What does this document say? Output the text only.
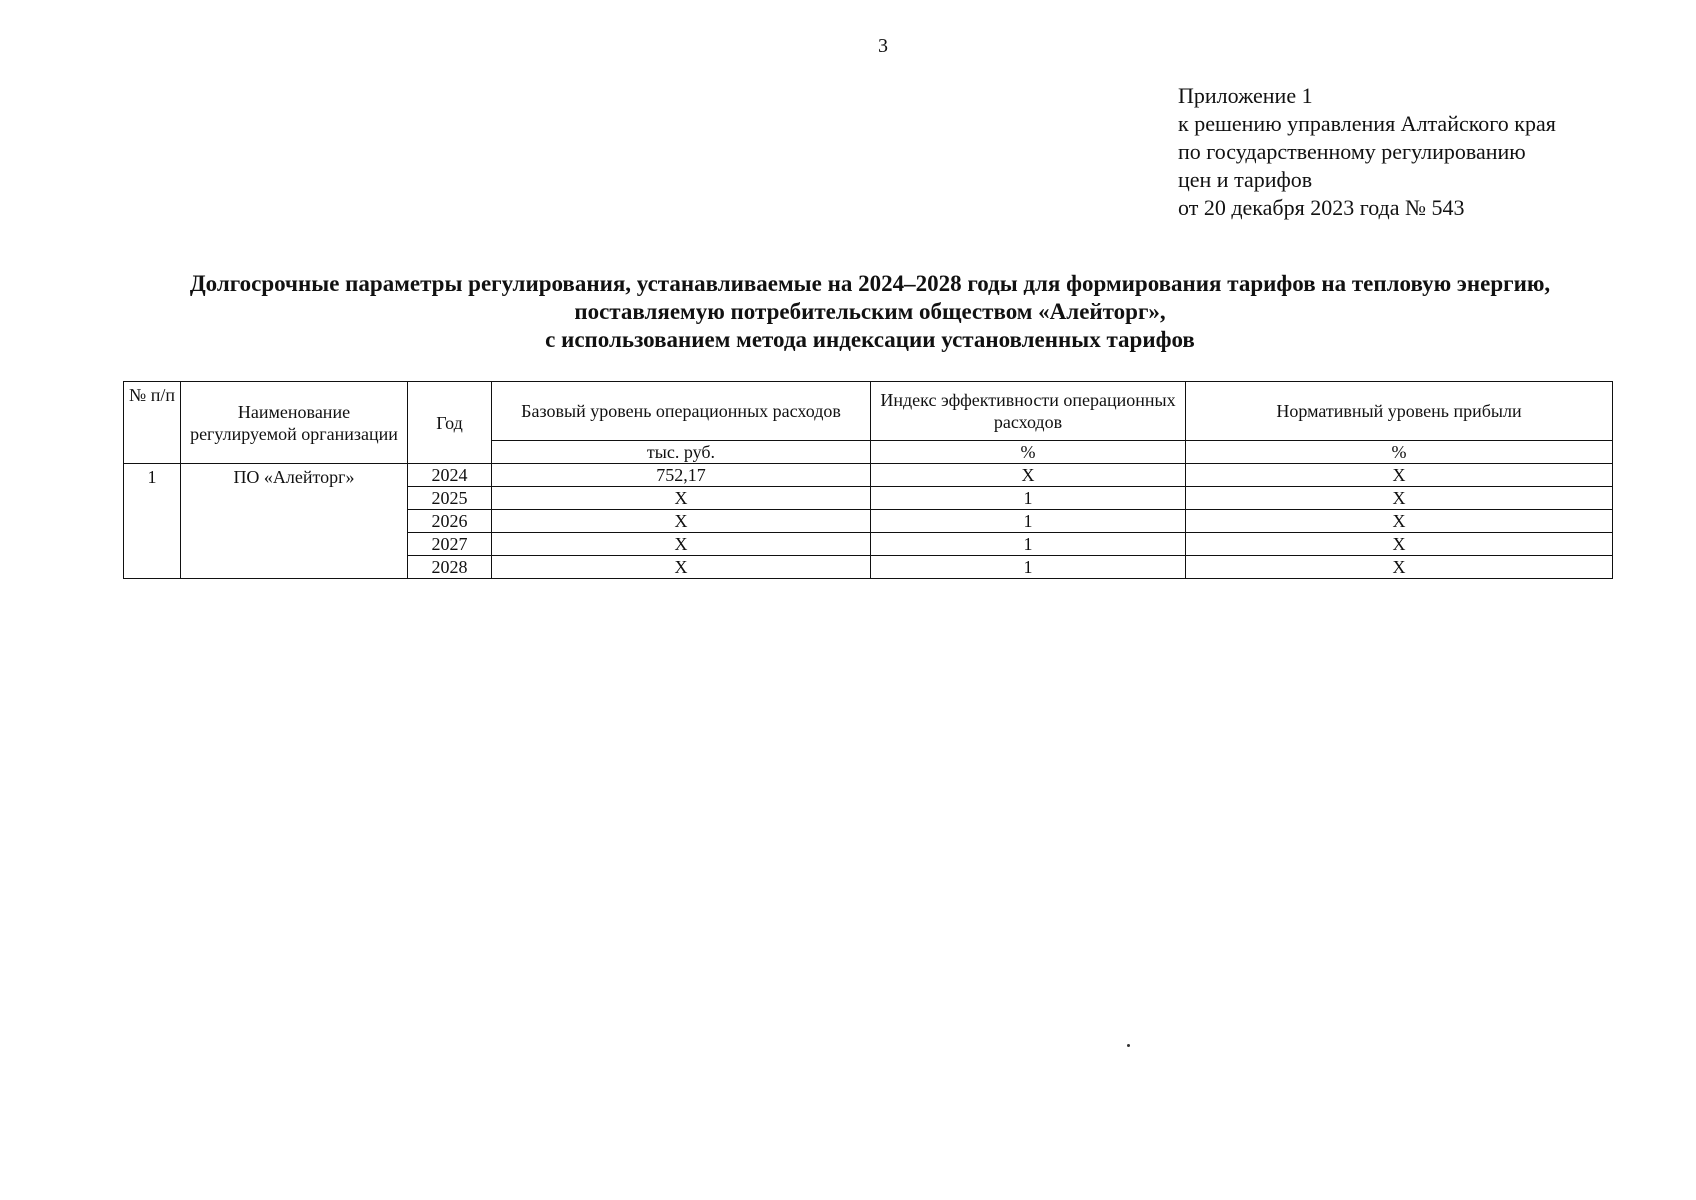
3
Приложение 1
к решению управления Алтайского края
по государственному регулированию
цен и тарифов
от 20 декабря 2023 года № 543
Долгосрочные параметры регулирования, устанавливаемые на 2024–2028 годы для формирования тарифов на тепловую энергию,
поставляемую потребительским обществом «Алейторг»,
с использованием метода индексации установленных тарифов
№ п/п	Наименование регулируемой организации	Год	Базовый уровень операционных расходов	Индекс эффективности операционных расходов	Нормативный уровень прибыли
			тыс. руб.	%	%
1	ПО «Алейторг»	2024	752,17	X	X
		2025	X	1	X
		2026	X	1	X
		2027	X	1	X
		2028	X	1	X
